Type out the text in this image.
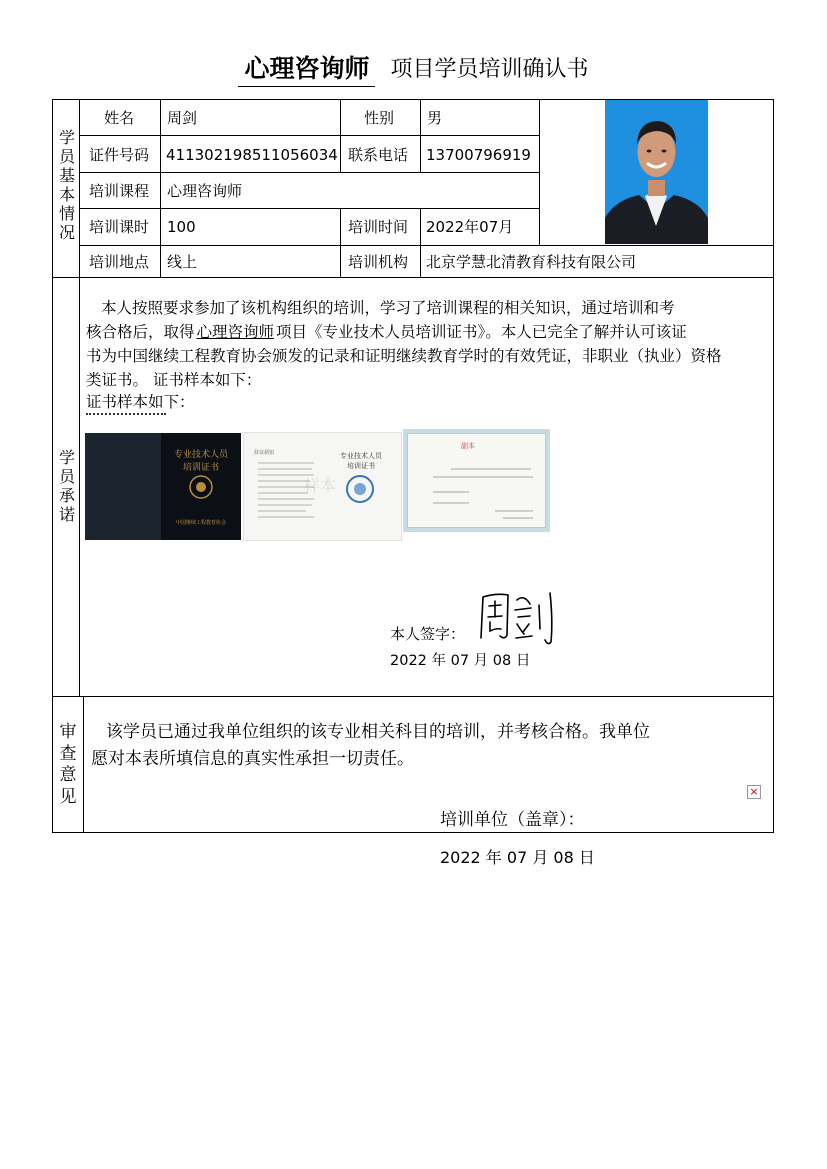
心理咨询师 项目学员培训确认书
学员基本情况
学员承诺
审查意见
姓名 周剑	性别 男
证件号码 411302198511056034 联系电话 13700796919
培训课程 心理咨询师
培训课时 100	培训时间 2022年07月
培训地点 线上	培训机构 北京学慧北清教育科技有限公司
本人按照要求参加了该机构组织的培训，学习了培训课程的相关知识，通过培训和考
核合格后，取得 心理咨询师 项目《专业技术人员培训证书》。本人已完全了解并认可该证
书为中国继续工程教育协会颁发的记录和证明继续教育学时的有效凭证，非职业（执业）资格
类证书。 证书样本如下：
证书样本如下：
专业技术人员
培训证书
中国继续工程教育协会
持证须知	专业技术人员
培训证书
样本
副本
本人签字：
2022 年 07 月 08 日
该学员已通过我单位组织的该专业相关科目的培训，并考核合格。我单位
愿对本表所填信息的真实性承担一切责任。
×
培训单位（盖章）：
2022 年 07 月 08 日
